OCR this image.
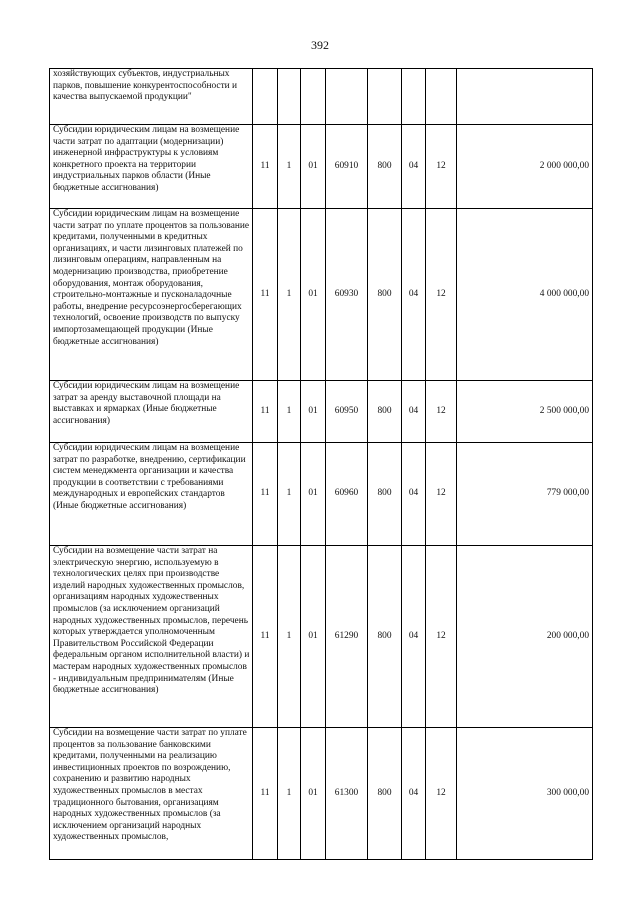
392
хозяйствующих субъектов, индустриальных парков, повышение конкурентоспособности и качества выпускаемой продукции"								
Субсидии юридическим лицам на возмещение части затрат по адаптации (модернизации) инженерной инфраструктуры к условиям конкретного проекта на территории индустриальных парков области (Иные бюджетные ассигнования)	11	1	01	60910	800	04	12	2 000 000,00
Субсидии юридическим лицам на возмещение части затрат по уплате процентов за пользование кредитами, полученными в кредитных организациях, и части лизинговых платежей по лизинговым операциям, направленным на модернизацию производства, приобретение оборудования, монтаж оборудования, строительно-монтажные и пусконаладочные работы, внедрение ресурсоэнергосберегающих технологий, освоение производств по выпуску импортозамещающей продукции (Иные бюджетные ассигнования)	11	1	01	60930	800	04	12	4 000 000,00
Субсидии юридическим лицам на возмещение затрат за аренду выставочной площади на выставках и ярмарках (Иные бюджетные ассигнования)	11	1	01	60950	800	04	12	2 500 000,00
Субсидии юридическим лицам на возмещение затрат по разработке, внедрению, сертификации систем менеджмента организации и качества продукции в соответствии с требованиями международных и европейских стандартов (Иные бюджетные ассигнования)	11	1	01	60960	800	04	12	779 000,00
Субсидии на возмещение части затрат на электрическую энергию, используемую в технологических целях при производстве изделий народных художественных промыслов, организациям народных художественных промыслов (за исключением организаций народных художественных промыслов, перечень которых утверждается уполномоченным Правительством Российской Федерации федеральным органом исполнительной власти) и мастерам народных художественных промыслов - индивидуальным предпринимателям (Иные бюджетные ассигнования)	11	1	01	61290	800	04	12	200 000,00
Субсидии на возмещение части затрат по уплате процентов за пользование банковскими кредитами, полученными на реализацию инвестиционных проектов по возрождению, сохранению и развитию народных художественных промыслов в местах традиционного бытования, организациям народных художественных промыслов (за исключением организаций народных художественных промыслов,	11	1	01	61300	800	04	12	300 000,00
